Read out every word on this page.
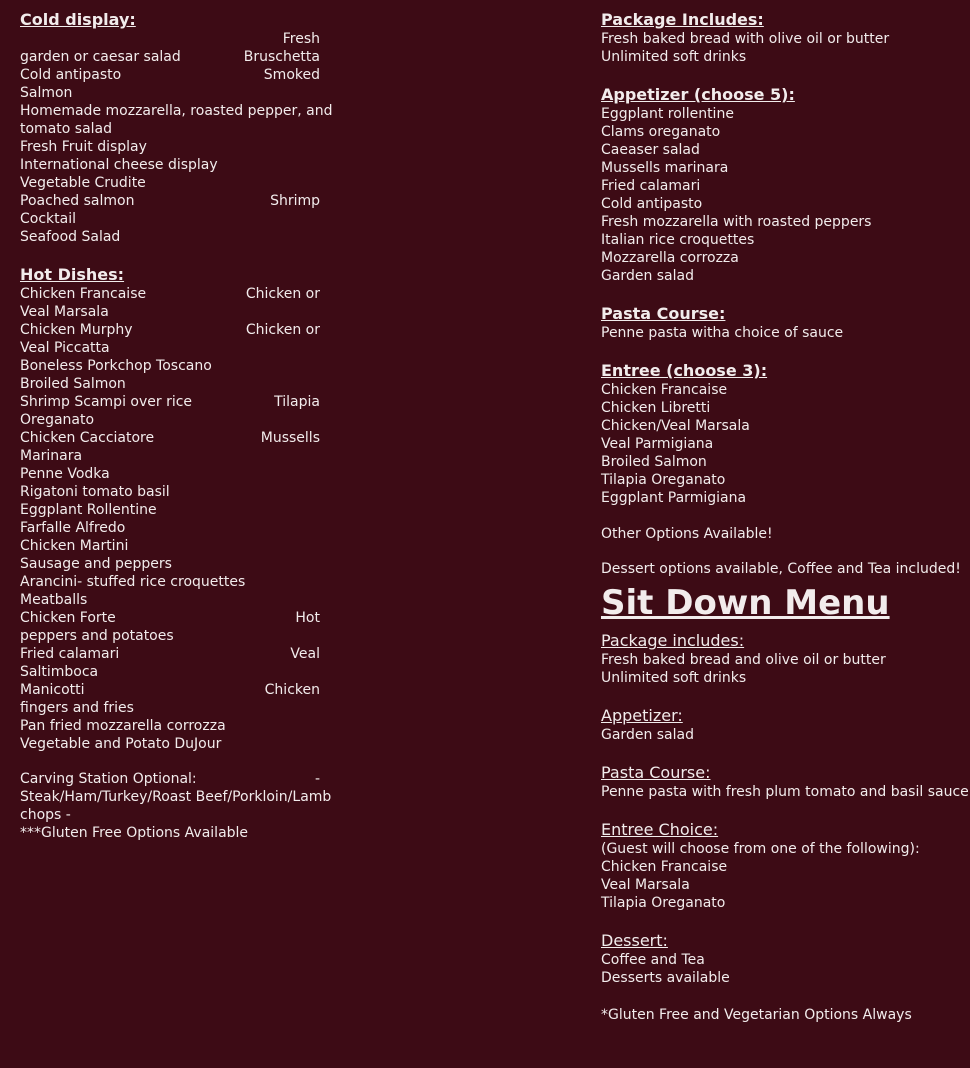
Cold display:
Fresh
garden or caesar salad	Bruschetta
Cold antipasto	Smoked
Salmon
Homemade mozzarella, roasted pepper, and
tomato salad
Fresh Fruit display
International cheese display
Vegetable Crudite
Poached salmon	Shrimp
Cocktail
Seafood Salad
Hot Dishes:
Chicken Francaise	Chicken or
Veal Marsala
Chicken Murphy	Chicken or
Veal Piccatta
Boneless Porkchop Toscano
Broiled Salmon
Shrimp Scampi over rice	Tilapia
Oreganato
Chicken Cacciatore	Mussells
Marinara
Penne Vodka
Rigatoni tomato basil
Eggplant Rollentine
Farfalle Alfredo
Chicken Martini
Sausage and peppers
Arancini- stuffed rice croquettes
Meatballs
Chicken Forte	Hot
peppers and potatoes
Fried calamari	Veal
Saltimboca
Manicotti	Chicken
fingers and fries
Pan fried mozzarella corrozza
Vegetable and Potato DuJour
Carving Station Optional:	-
Steak/Ham/Turkey/Roast Beef/Porkloin/Lamb
chops -
***Gluten Free Options Available
Package Includes:
Fresh baked bread with olive oil or butter
Unlimited soft drinks
Appetizer (choose 5):
Eggplant rollentine
Clams oreganato
Caeaser salad
Mussells marinara
Fried calamari
Cold antipasto
Fresh mozzarella with roasted peppers
Italian rice croquettes
Mozzarella corrozza
Garden salad
Pasta Course:
Penne pasta witha choice of sauce
Entree (choose 3):
Chicken Francaise
Chicken Libretti
Chicken/Veal Marsala
Veal Parmigiana
Broiled Salmon
Tilapia Oreganato
Eggplant Parmigiana
Other Options Available!
Dessert options available, Coffee and Tea included!
Sit Down Menu
Package includes:
Fresh baked bread and olive oil or butter
Unlimited soft drinks
Appetizer:
Garden salad
Pasta Course:
Penne pasta with fresh plum tomato and basil sauce
Entree Choice:
(Guest will choose from one of the following):
Chicken Francaise
Veal Marsala
Tilapia Oreganato
Dessert:
Coffee and Tea
Desserts available
*Gluten Free and Vegetarian Options Always
